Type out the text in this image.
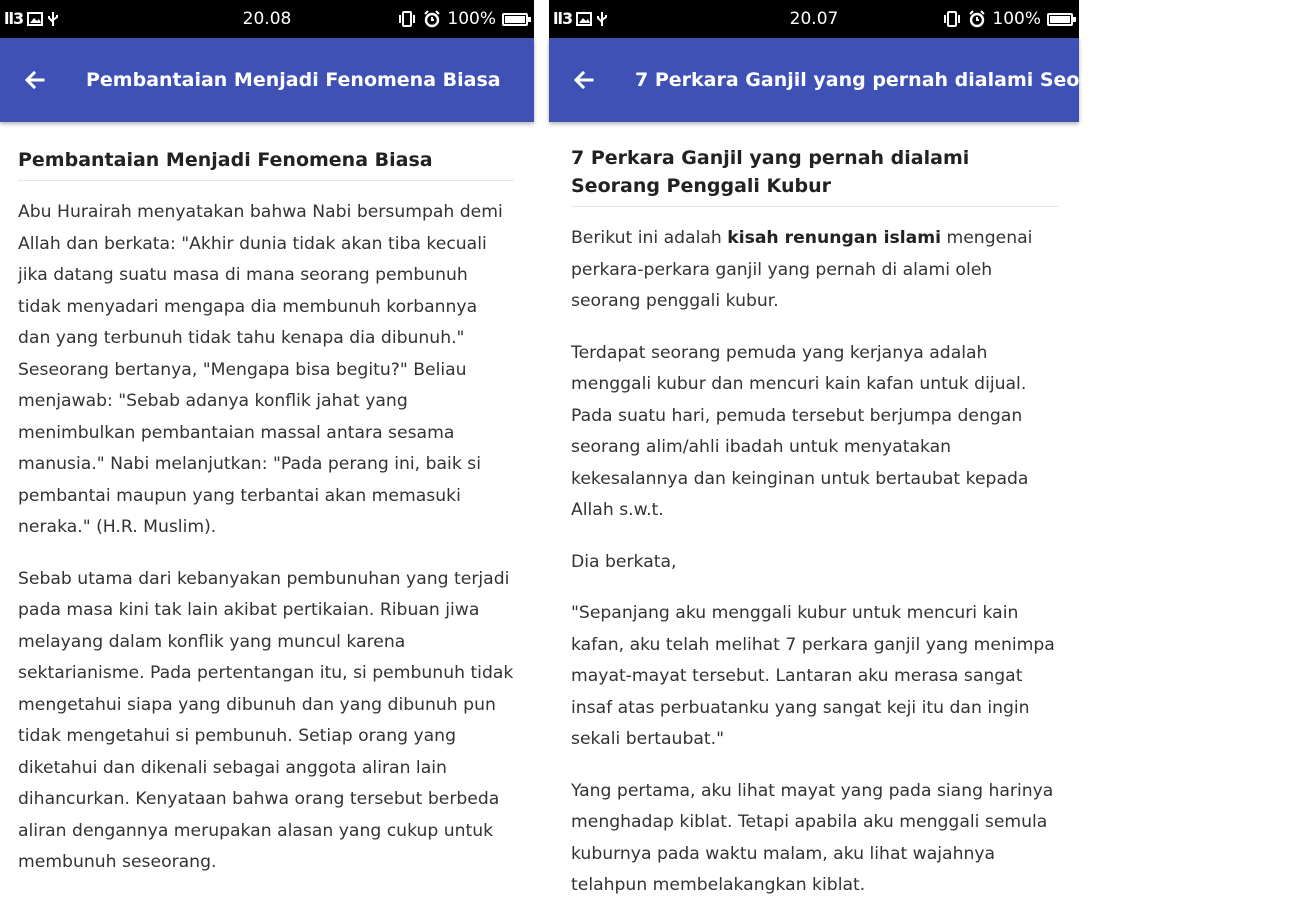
ll3	20.08	100%
Pembantaian Menjadi Fenomena Biasa
Pembantaian Menjadi Fenomena Biasa

Abu Hurairah menyatakan bahwa Nabi bersumpah demi Allah dan berkata: "Akhir dunia tidak akan tiba kecuali jika datang suatu masa di mana seorang pembunuh tidak menyadari mengapa dia membunuh korbannya dan yang terbunuh tidak tahu kenapa dia dibunuh." Seseorang bertanya, "Mengapa bisa begitu?" Beliau menjawab: "Sebab adanya konflik jahat yang menimbulkan pembantaian massal antara sesama manusia." Nabi melanjutkan: "Pada perang ini, baik si pembantai maupun yang terbantai akan memasuki neraka." (H.R. Muslim).

Sebab utama dari kebanyakan pembunuhan yang terjadi pada masa kini tak lain akibat pertikaian. Ribuan jiwa melayang dalam konflik yang muncul karena sektarianisme. Pada pertentangan itu, si pembunuh tidak mengetahui siapa yang dibunuh dan yang dibunuh pun tidak mengetahui si pembunuh. Setiap orang yang diketahui dan dikenali sebagai anggota aliran lain dihancurkan. Kenyataan bahwa orang tersebut berbeda aliran dengannya merupakan alasan yang cukup untuk membunuh seseorang.

ll3	20.07	100%
7 Perkara Ganjil yang pernah dialami Seorang Penggali Kubur
7 Perkara Ganjil yang pernah dialami Seorang Penggali Kubur

Berikut ini adalah kisah renungan islami mengenai perkara-perkara ganjil yang pernah di alami oleh seorang penggali kubur.

Terdapat seorang pemuda yang kerjanya adalah menggali kubur dan mencuri kain kafan untuk dijual. Pada suatu hari, pemuda tersebut berjumpa dengan seorang alim/ahli ibadah untuk menyatakan kekesalannya dan keinginan untuk bertaubat kepada Allah s.w.t.

Dia berkata,

"Sepanjang aku menggali kubur untuk mencuri kain kafan, aku telah melihat 7 perkara ganjil yang menimpa mayat-mayat tersebut. Lantaran aku merasa sangat insaf atas perbuatanku yang sangat keji itu dan ingin sekali bertaubat."

Yang pertama, aku lihat mayat yang pada siang harinya menghadap kiblat. Tetapi apabila aku menggali semula kuburnya pada waktu malam, aku lihat wajahnya telahpun membelakangkan kiblat.
